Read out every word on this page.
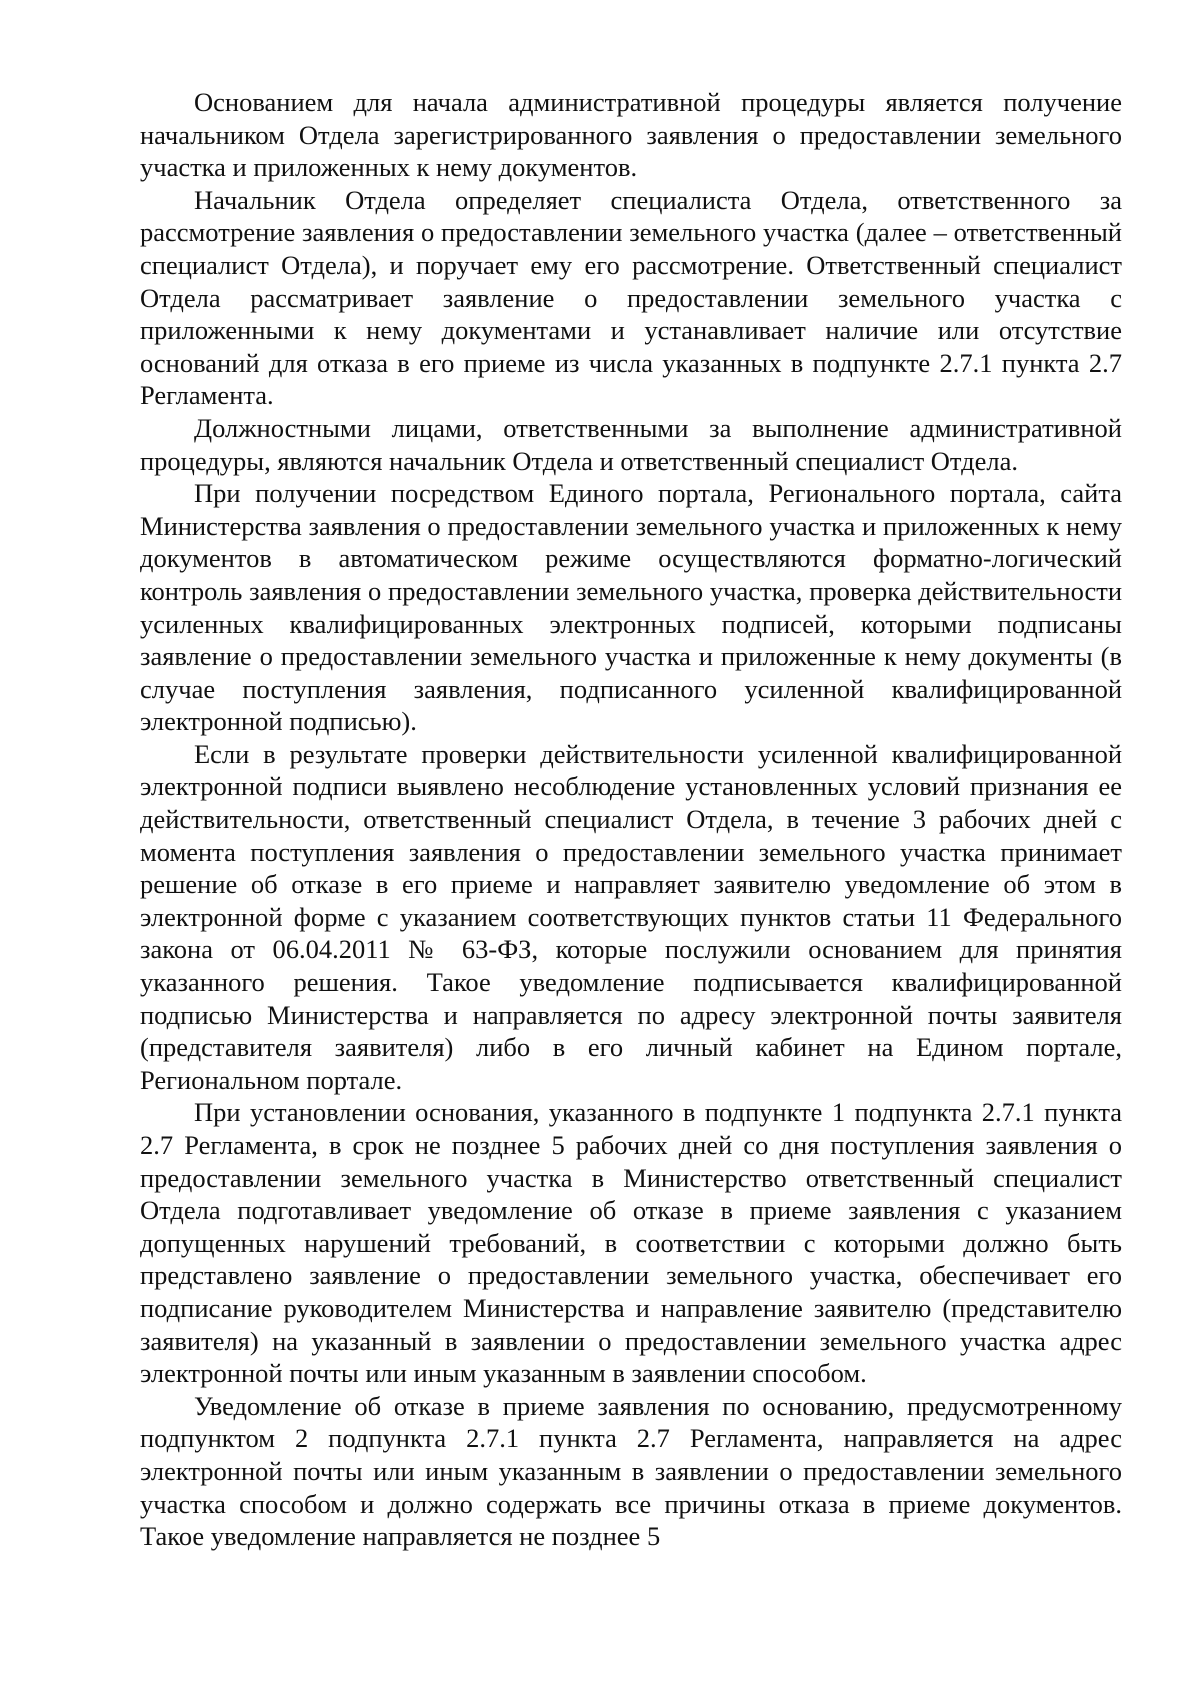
Основанием для начала административной процедуры является получение начальником Отдела зарегистрированного заявления о предоставлении земельного участка и приложенных к нему документов.

Начальник Отдела определяет специалиста Отдела, ответственного за рассмотрение заявления о предоставлении земельного участка (далее – ответственный специалист Отдела), и поручает ему его рассмотрение. Ответственный специалист Отдела рассматривает заявление о предоставлении земельного участка с приложенными к нему документами и устанавливает наличие или отсутствие оснований для отказа в его приеме из числа указанных в подпункте 2.7.1 пункта 2.7 Регламента.

Должностными лицами, ответственными за выполнение административной процедуры, являются начальник Отдела и ответственный специалист Отдела.

При получении посредством Единого портала, Регионального портала, сайта Министерства заявления о предоставлении земельного участка и приложенных к нему документов в автоматическом режиме осуществляются форматно-логический контроль заявления о предоставлении земельного участка, проверка действительности усиленных квалифицированных электронных подписей, которыми подписаны заявление о предоставлении земельного участка и приложенные к нему документы (в случае поступления заявления, подписанного усиленной квалифицированной электронной подписью).

Если в результате проверки действительности усиленной квалифицированной электронной подписи выявлено несоблюдение установленных условий признания ее действительности, ответственный специалист Отдела, в течение 3 рабочих дней с момента поступления заявления о предоставлении земельного участка принимает решение об отказе в его приеме и направляет заявителю уведомление об этом в электронной форме с указанием соответствующих пунктов статьи 11 Федерального закона от 06.04.2011 № 63-ФЗ, которые послужили основанием для принятия указанного решения. Такое уведомление подписывается квалифицированной подписью Министерства и направляется по адресу электронной почты заявителя (представителя заявителя) либо в его личный кабинет на Едином портале, Региональном портале.

При установлении основания, указанного в подпункте 1 подпункта 2.7.1 пункта 2.7 Регламента, в срок не позднее 5 рабочих дней со дня поступления заявления о предоставлении земельного участка в Министерство ответственный специалист Отдела подготавливает уведомление об отказе в приеме заявления с указанием допущенных нарушений требований, в соответствии с которыми должно быть представлено заявление о предоставлении земельного участка, обеспечивает его подписание руководителем Министерства и направление заявителю (представителю заявителя) на указанный в заявлении о предоставлении земельного участка адрес электронной почты или иным указанным в заявлении способом.

Уведомление об отказе в приеме заявления по основанию, предусмотренному подпунктом 2 подпункта 2.7.1 пункта 2.7 Регламента, направляется на адрес электронной почты или иным указанным в заявлении о предоставлении земельного участка способом и должно содержать все причины отказа в приеме документов. Такое уведомление направляется не позднее 5
